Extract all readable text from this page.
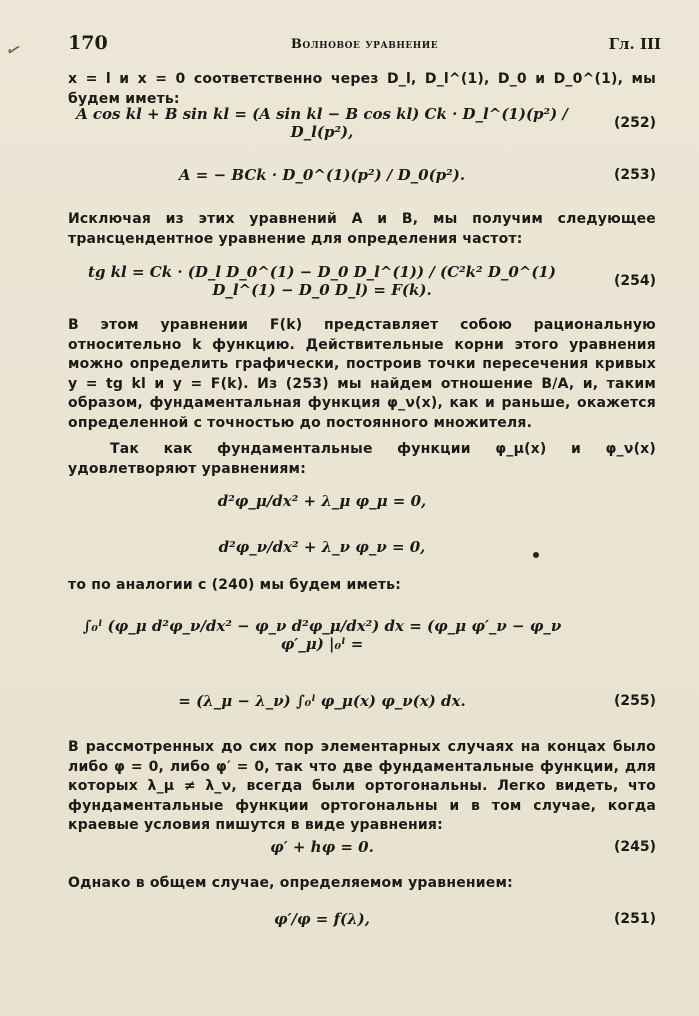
✓ 170	Волновое уравнение	Гл. III
x = l и x = 0 соответственно через D_l, D_l^(1), D_0 и D_0^(1), мы будем иметь:
A cos kl + B sin kl = (A sin kl − B cos kl) Ck · D_l^(1)(p²) / D_l(p²),	(252)
A = − BCk · D_0^(1)(p²) / D_0(p²).	(253)
Исключая из этих уравнений A и B, мы получим следующее трансцендентное уравнение для определения частот:
tg kl = Ck · (D_l D_0^(1) − D_0 D_l^(1)) / (C²k² D_0^(1) D_l^(1) − D_0 D_l) = F(k).	(254)
В этом уравнении F(k) представляет собою рациональную относительно k функцию. Действительные корни этого уравнения можно определить графически, построив точки пересечения кривых y = tg kl и y = F(k). Из (253) мы найдем отношение B/A, и, таким образом, фундаментальная функция φ_ν(x), как и раньше, окажется определенной с точностью до постоянного множителя.
Так как фундаментальные функции φ_μ(x) и φ_ν(x) удовлетворяют уравнениям:
d²φ_μ/dx² + λ_μ φ_μ = 0,
d²φ_ν/dx² + λ_ν φ_ν = 0,
то по аналогии с (240) мы будем иметь:
∫₀ˡ (φ_μ d²φ_ν/dx² − φ_ν d²φ_μ/dx²) dx = (φ_μ φ′_ν − φ_ν φ′_μ) |₀ˡ =
= (λ_μ − λ_ν) ∫₀ˡ φ_μ(x) φ_ν(x) dx.	(255)
В рассмотренных до сих пор элементарных случаях на концах было либо φ = 0, либо φ′ = 0, так что две фундаментальные функции, для которых λ_μ ≠ λ_ν, всегда были ортогональны. Легко видеть, что фундаментальные функции ортогональны и в том случае, когда краевые условия пишутся в виде уравнения:
φ′ + hφ = 0.	(245)
Однако в общем случае, определяемом уравнением:
φ′/φ = f(λ),	(251)
